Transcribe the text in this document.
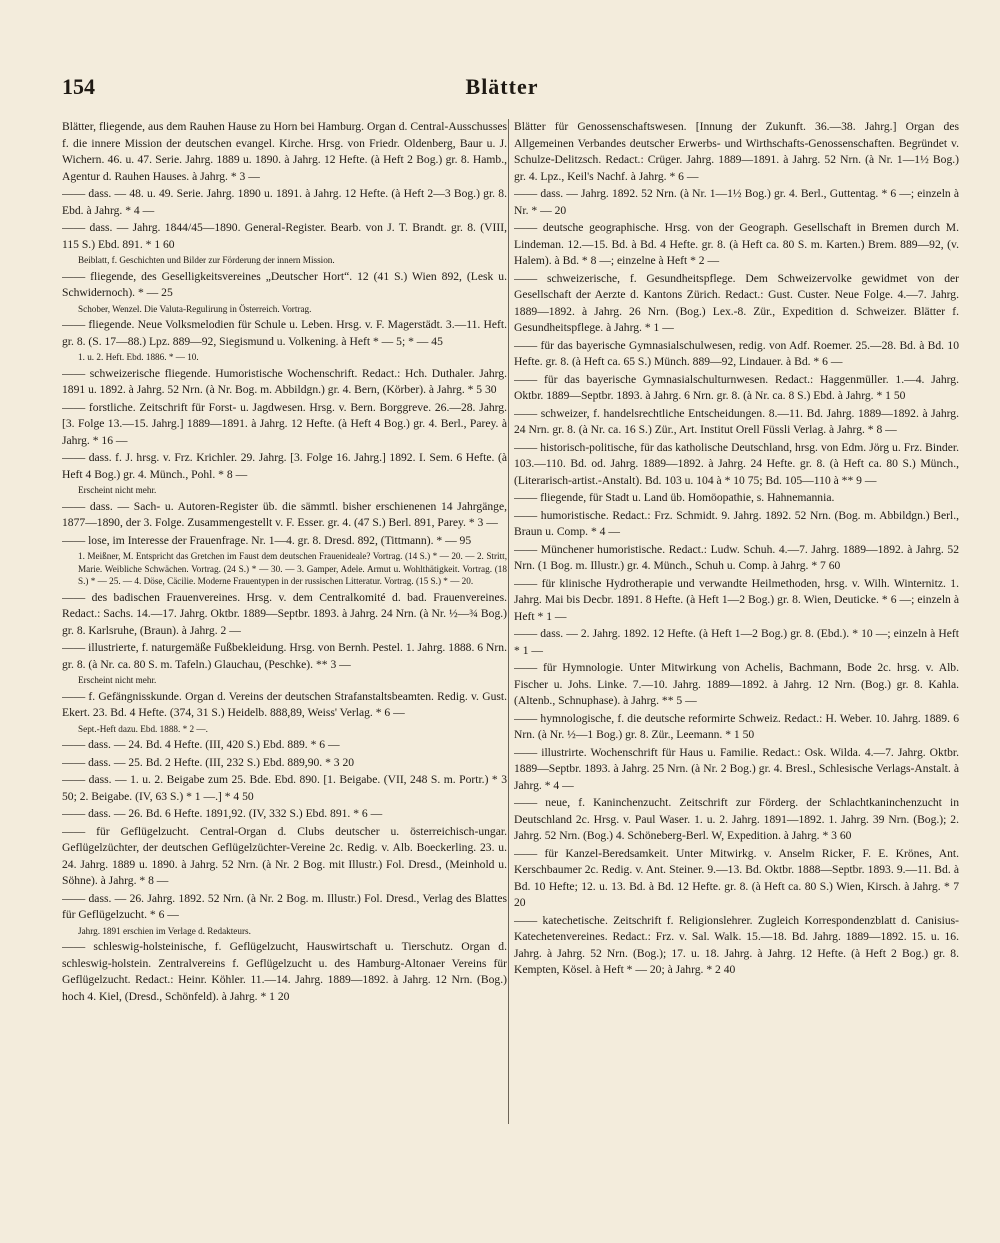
154	Blätter

Blätter, fliegende, aus dem Rauhen Hause zu Horn bei Hamburg. Organ d. Central-Ausschusses f. die innere Mission der deutschen evangel. Kirche. Hrsg. von Friedr. Oldenberg, Baur u. J. Wichern. 46. u. 47. Serie. Jahrg. 1889 u. 1890. à Jahrg. 12 Hefte. (à Heft 2 Bog.) gr. 8. Hamb., Agentur d. Rauhen Hauses. à Jahrg. * 3 —

—— dass. — 48. u. 49. Serie. Jahrg. 1890 u. 1891. à Jahrg. 12 Hefte. (à Heft 2—3 Bog.) gr. 8. Ebd. à Jahrg. * 4 —

—— dass. — Jahrg. 1844/45—1890. General-Register. Bearb. von J. T. Brandt. gr. 8. (VIII, 115 S.) Ebd. 891. * 1 60

Beiblatt, f. Geschichten und Bilder zur Förderung der innern Mission.

—— fliegende, des Geselligkeitsvereines „Deutscher Hort“. 12 (41 S.) Wien 892, (Lesk u. Schwidernoch). * — 25

Schober, Wenzel. Die Valuta-Regulirung in Österreich. Vortrag.

—— fliegende. Neue Volksmelodien für Schule u. Leben. Hrsg. v. F. Magerstädt. 3.—11. Heft. gr. 8. (S. 17—88.) Lpz. 889—92, Siegismund u. Volkening. à Heft * — 5; * — 45

1. u. 2. Heft. Ebd. 1886. * — 10.

—— schweizerische fliegende. Humoristische Wochenschrift. Redact.: Hch. Duthaler. Jahrg. 1891 u. 1892. à Jahrg. 52 Nrn. (à Nr. Bog. m. Abbildgn.) gr. 4. Bern, (Körber). à Jahrg. * 5 30

—— forstliche. Zeitschrift für Forst- u. Jagdwesen. Hrsg. v. Bern. Borggreve. 26.—28. Jahrg. [3. Folge 13.—15. Jahrg.] 1889—1891. à Jahrg. 12 Hefte. (à Heft 4 Bog.) gr. 4. Berl., Parey. à Jahrg. * 16 —

—— dass. f. J. hrsg. v. Frz. Krichler. 29. Jahrg. [3. Folge 16. Jahrg.] 1892. I. Sem. 6 Hefte. (à Heft 4 Bog.) gr. 4. Münch., Pohl. * 8 —

Erscheint nicht mehr.

—— dass. — Sach- u. Autoren-Register üb. die sämmtl. bisher erschienenen 14 Jahrgänge, 1877—1890, der 3. Folge. Zusammengestellt v. F. Esser. gr. 4. (47 S.) Berl. 891, Parey. * 3 —

—— lose, im Interesse der Frauenfrage. Nr. 1—4. gr. 8. Dresd. 892, (Tittmann). * — 95

1. Meißner, M. Entspricht das Gretchen im Faust dem deutschen Frauenideale? Vortrag. (14 S.) * — 20. — 2. Stritt, Marie. Weibliche Schwächen. Vortrag. (24 S.) * — 30. — 3. Gamper, Adele. Armut u. Wohlthätigkeit. Vortrag. (18 S.) * — 25. — 4. Döse, Cäcilie. Moderne Frauentypen in der russischen Litteratur. Vortrag. (15 S.) * — 20.

—— des badischen Frauenvereines. Hrsg. v. dem Centralkomité d. bad. Frauenvereines. Redact.: Sachs. 14.—17. Jahrg. Oktbr. 1889—Septbr. 1893. à Jahrg. 24 Nrn. (à Nr. ½—¾ Bog.) gr. 8. Karlsruhe, (Braun). à Jahrg. 2 —

—— illustrierte, f. naturgemäße Fußbekleidung. Hrsg. von Bernh. Pestel. 1. Jahrg. 1888. 6 Nrn. gr. 8. (à Nr. ca. 80 S. m. Tafeln.) Glauchau, (Peschke). ** 3 —

Erscheint nicht mehr.

—— f. Gefängnisskunde. Organ d. Vereins der deutschen Strafanstaltsbeamten. Redig. v. Gust. Ekert. 23. Bd. 4 Hefte. (374, 31 S.) Heidelb. 888,89, Weiss' Verlag. * 6 —

Sept.-Heft dazu. Ebd. 1888. * 2 —.

—— dass. — 24. Bd. 4 Hefte. (III, 420 S.) Ebd. 889. * 6 —

—— dass. — 25. Bd. 2 Hefte. (III, 232 S.) Ebd. 889,90. * 3 20

—— dass. — 1. u. 2. Beigabe zum 25. Bde. Ebd. 890. [1. Beigabe. (VII, 248 S. m. Portr.) * 3 50; 2. Beigabe. (IV, 63 S.) * 1 —.] * 4 50

—— dass. — 26. Bd. 6 Hefte. 1891,92. (IV, 332 S.) Ebd. 891. * 6 —

—— für Geflügelzucht. Central-Organ d. Clubs deutscher u. österreichisch-ungar. Geflügelzüchter, der deutschen Geflügelzüchter-Vereine 2c. Redig. v. Alb. Boeckerling. 23. u. 24. Jahrg. 1889 u. 1890. à Jahrg. 52 Nrn. (à Nr. 2 Bog. mit Illustr.) Fol. Dresd., (Meinhold u. Söhne). à Jahrg. * 8 —

—— dass. — 26. Jahrg. 1892. 52 Nrn. (à Nr. 2 Bog. m. Illustr.) Fol. Dresd., Verlag des Blattes für Geflügelzucht. * 6 —

Jahrg. 1891 erschien im Verlage d. Redakteurs.

—— schleswig-holsteinische, f. Geflügelzucht, Hauswirtschaft u. Tierschutz. Organ d. schleswig-holstein. Zentralvereins f. Geflügelzucht u. des Hamburg-Altonaer Vereins für Geflügelzucht. Redact.: Heinr. Köhler. 11.—14. Jahrg. 1889—1892. à Jahrg. 12 Nrn. (Bog.) hoch 4. Kiel, (Dresd., Schönfeld). à Jahrg. * 1 20

Blätter für Genossenschaftswesen. [Innung der Zukunft. 36.—38. Jahrg.] Organ des Allgemeinen Verbandes deutscher Erwerbs- und Wirthschafts-Genossenschaften. Begründet v. Schulze-Delitzsch. Redact.: Crüger. Jahrg. 1889—1891. à Jahrg. 52 Nrn. (à Nr. 1—1½ Bog.) gr. 4. Lpz., Keil's Nachf. à Jahrg. * 6 —

—— dass. — Jahrg. 1892. 52 Nrn. (à Nr. 1—1½ Bog.) gr. 4. Berl., Guttentag. * 6 —; einzeln à Nr. * — 20

—— deutsche geographische. Hrsg. von der Geograph. Gesellschaft in Bremen durch M. Lindeman. 12.—15. Bd. à Bd. 4 Hefte. gr. 8. (à Heft ca. 80 S. m. Karten.) Brem. 889—92, (v. Halem). à Bd. * 8 —; einzelne à Heft * 2 —

—— schweizerische, f. Gesundheitspflege. Dem Schweizervolke gewidmet von der Gesellschaft der Aerzte d. Kantons Zürich. Redact.: Gust. Custer. Neue Folge. 4.—7. Jahrg. 1889—1892. à Jahrg. 26 Nrn. (Bog.) Lex.-8. Zür., Expedition d. Schweizer. Blätter f. Gesundheitspflege. à Jahrg. * 1 —

—— für das bayerische Gymnasialschulwesen, redig. von Adf. Roemer. 25.—28. Bd. à Bd. 10 Hefte. gr. 8. (à Heft ca. 65 S.) Münch. 889—92, Lindauer. à Bd. * 6 —

—— für das bayerische Gymnasialschulturnwesen. Redact.: Haggenmüller. 1.—4. Jahrg. Oktbr. 1889—Septbr. 1893. à Jahrg. 6 Nrn. gr. 8. (à Nr. ca. 8 S.) Ebd. à Jahrg. * 1 50

—— schweizer, f. handelsrechtliche Entscheidungen. 8.—11. Bd. Jahrg. 1889—1892. à Jahrg. 24 Nrn. gr. 8. (à Nr. ca. 16 S.) Zür., Art. Institut Orell Füssli Verlag. à Jahrg. * 8 —

—— historisch-politische, für das katholische Deutschland, hrsg. von Edm. Jörg u. Frz. Binder. 103.—110. Bd. od. Jahrg. 1889—1892. à Jahrg. 24 Hefte. gr. 8. (à Heft ca. 80 S.) Münch., (Literarisch-artist.-Anstalt). Bd. 103 u. 104 à * 10 75; Bd. 105—110 à ** 9 —

—— fliegende, für Stadt u. Land üb. Homöopathie, s. Hahnemannia.

—— humoristische. Redact.: Frz. Schmidt. 9. Jahrg. 1892. 52 Nrn. (Bog. m. Abbildgn.) Berl., Braun u. Comp. * 4 —

—— Münchener humoristische. Redact.: Ludw. Schuh. 4.—7. Jahrg. 1889—1892. à Jahrg. 52 Nrn. (1 Bog. m. Illustr.) gr. 4. Münch., Schuh u. Comp. à Jahrg. * 7 60

—— für klinische Hydrotherapie und verwandte Heilmethoden, hrsg. v. Wilh. Winternitz. 1. Jahrg. Mai bis Decbr. 1891. 8 Hefte. (à Heft 1—2 Bog.) gr. 8. Wien, Deuticke. * 6 —; einzeln à Heft * 1 —

—— dass. — 2. Jahrg. 1892. 12 Hefte. (à Heft 1—2 Bog.) gr. 8. (Ebd.). * 10 —; einzeln à Heft * 1 —

—— für Hymnologie. Unter Mitwirkung von Achelis, Bachmann, Bode 2c. hrsg. v. Alb. Fischer u. Johs. Linke. 7.—10. Jahrg. 1889—1892. à Jahrg. 12 Nrn. (Bog.) gr. 8. Kahla. (Altenb., Schnuphase). à Jahrg. ** 5 —

—— hymnologische, f. die deutsche reformirte Schweiz. Redact.: H. Weber. 10. Jahrg. 1889. 6 Nrn. (à Nr. ½—1 Bog.) gr. 8. Zür., Leemann. * 1 50

—— illustrirte. Wochenschrift für Haus u. Familie. Redact.: Osk. Wilda. 4.—7. Jahrg. Oktbr. 1889—Septbr. 1893. à Jahrg. 25 Nrn. (à Nr. 2 Bog.) gr. 4. Bresl., Schlesische Verlags-Anstalt. à Jahrg. * 4 —

—— neue, f. Kaninchenzucht. Zeitschrift zur Förderg. der Schlachtkaninchenzucht in Deutschland 2c. Hrsg. v. Paul Waser. 1. u. 2. Jahrg. 1891—1892. 1. Jahrg. 39 Nrn. (Bog.); 2. Jahrg. 52 Nrn. (Bog.) 4. Schöneberg-Berl. W, Expedition. à Jahrg. * 3 60

—— für Kanzel-Beredsamkeit. Unter Mitwirkg. v. Anselm Ricker, F. E. Krönes, Ant. Kerschbaumer 2c. Redig. v. Ant. Steiner. 9.—13. Bd. Oktbr. 1888—Septbr. 1893. 9.—11. Bd. à Bd. 10 Hefte; 12. u. 13. Bd. à Bd. 12 Hefte. gr. 8. (à Heft ca. 80 S.) Wien, Kirsch. à Jahrg. * 7 20

—— katechetische. Zeitschrift f. Religionslehrer. Zugleich Korrespondenzblatt d. Canisius-Katechetenvereines. Redact.: Frz. v. Sal. Walk. 15.—18. Bd. Jahrg. 1889—1892. 15. u. 16. Jahrg. à Jahrg. 52 Nrn. (Bog.); 17. u. 18. Jahrg. à Jahrg. 12 Hefte. (à Heft 2 Bog.) gr. 8. Kempten, Kösel. à Heft * — 20; à Jahrg. * 2 40
